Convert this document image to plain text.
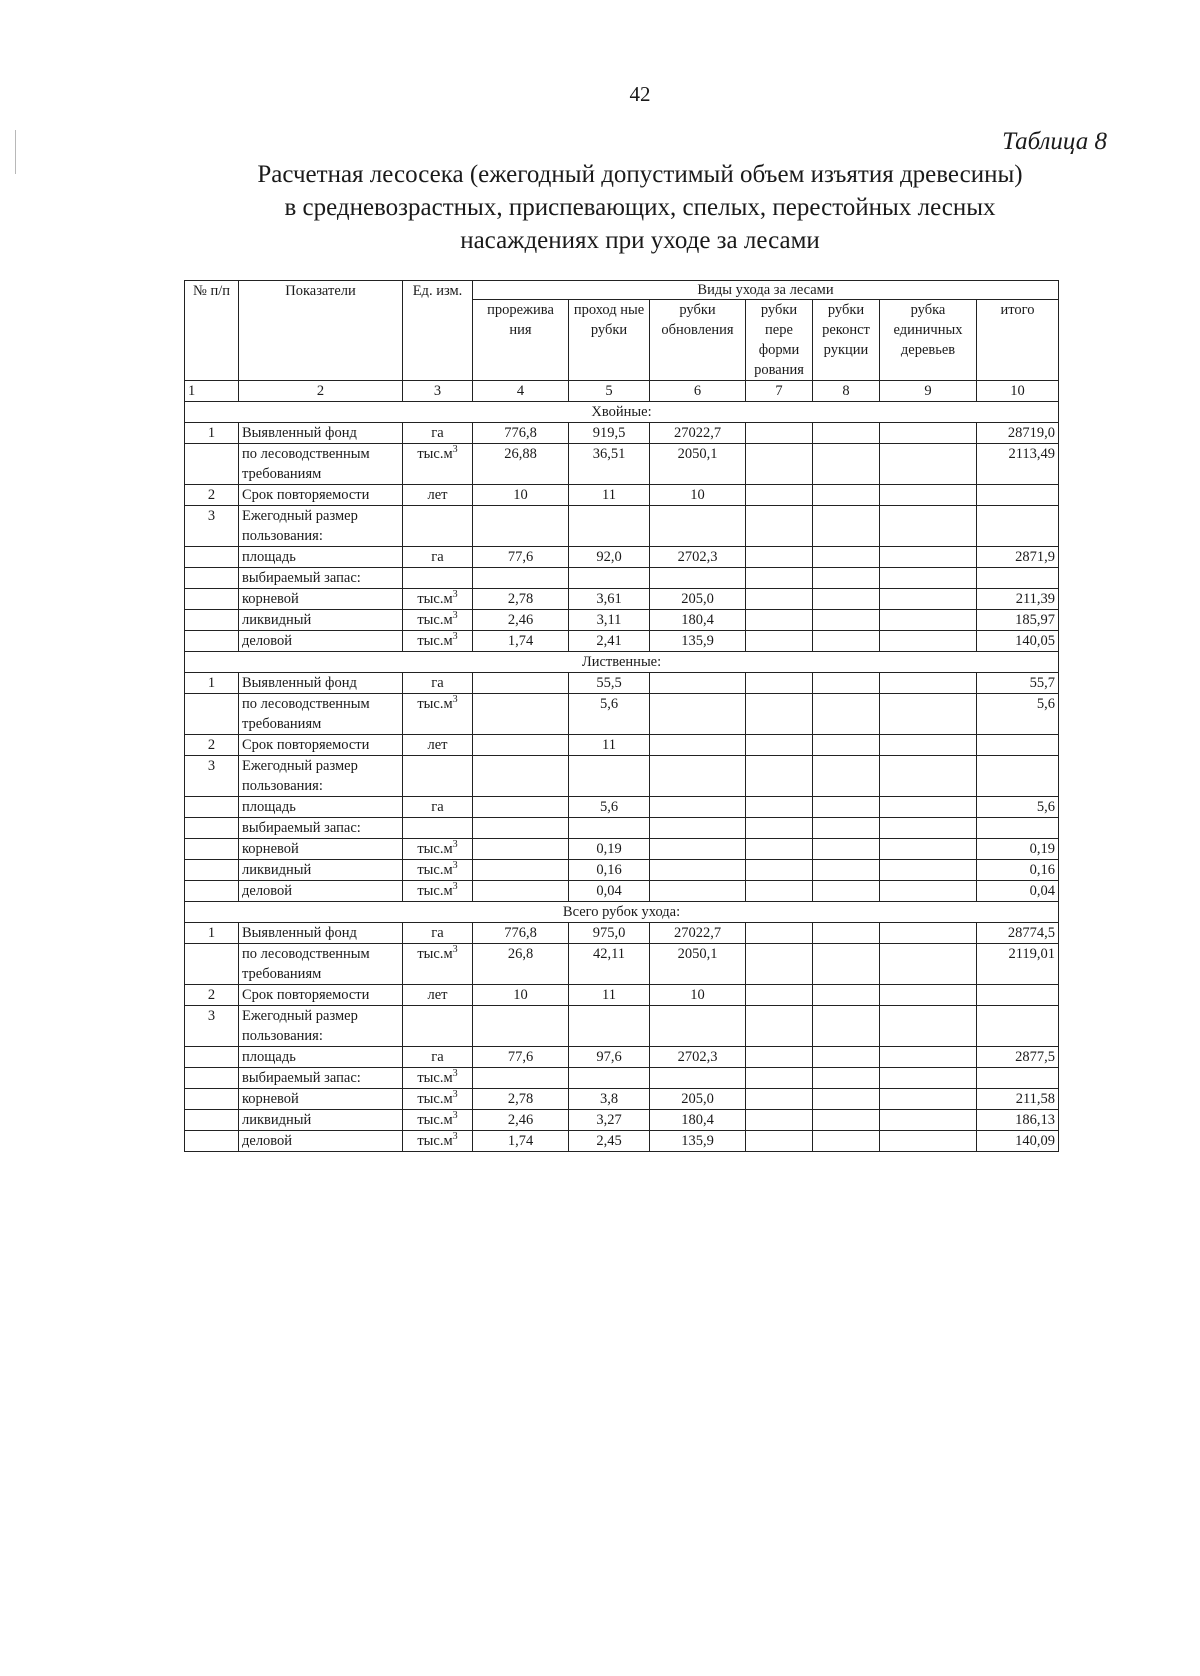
42
Таблица 8
Расчетная лесосека (ежегодный допустимый объем изъятия древесины)
в средневозрастных, приспевающих, спелых, перестойных лесных
насаждениях при уходе за лесами
№ п/п	Показатели	Ед. изм.	Виды ухода за лесами						
			прорежива ния	проход ные рубки	рубки обновления	рубки пере форми рования	рубки реконст рукции	рубка единичных деревьев	итого
1	2	3	4	5	6	7	8	9	10
Хвойные:									
1	Выявленный фонд	га	776,8	919,5	27022,7				28719,0
	по лесоводственным требованиям	$тыс.м^3$	26,88	36,51	2050,1				2113,49
2	Срок повторяемости	лет	10	11	10				
3	Ежегодный размер пользования:								
	площадь	га	77,6	92,0	2702,3				2871,9
	выбираемый запас:								
	корневой	$тыс.м^3$	2,78	3,61	205,0				211,39
	ликвидный	$тыс.м^3$	2,46	3,11	180,4				185,97
	деловой	$тыс.м^3$	1,74	2,41	135,9				140,05
Лиственные:									
1	Выявленный фонд	га		55,5					55,7
	по лесоводственным требованиям	$тыс.м^3$		5,6					5,6
2	Срок повторяемости	лет		11					
3	Ежегодный размер пользования:								
	площадь	га		5,6					5,6
	выбираемый запас:								
	корневой	$тыс.м^3$		0,19					0,19
	ликвидный	$тыс.м^3$		0,16					0,16
	деловой	$тыс.м^3$		0,04					0,04
Всего рубок ухода:									
1	Выявленный фонд	га	776,8	975,0	27022,7				28774,5
	по лесоводственным требованиям	$тыс.м^3$	26,8	42,11	2050,1				2119,01
2	Срок повторяемости	лет	10	11	10				
3	Ежегодный размер пользования:								
	площадь	га	77,6	97,6	2702,3				2877,5
	выбираемый запас:	$тыс.м^3$							
	корневой	$тыс.м^3$	2,78	3,8	205,0				211,58
	ликвидный	$тыс.м^3$	2,46	3,27	180,4				186,13
	деловой	$тыс.м^3$	1,74	2,45	135,9				140,09
